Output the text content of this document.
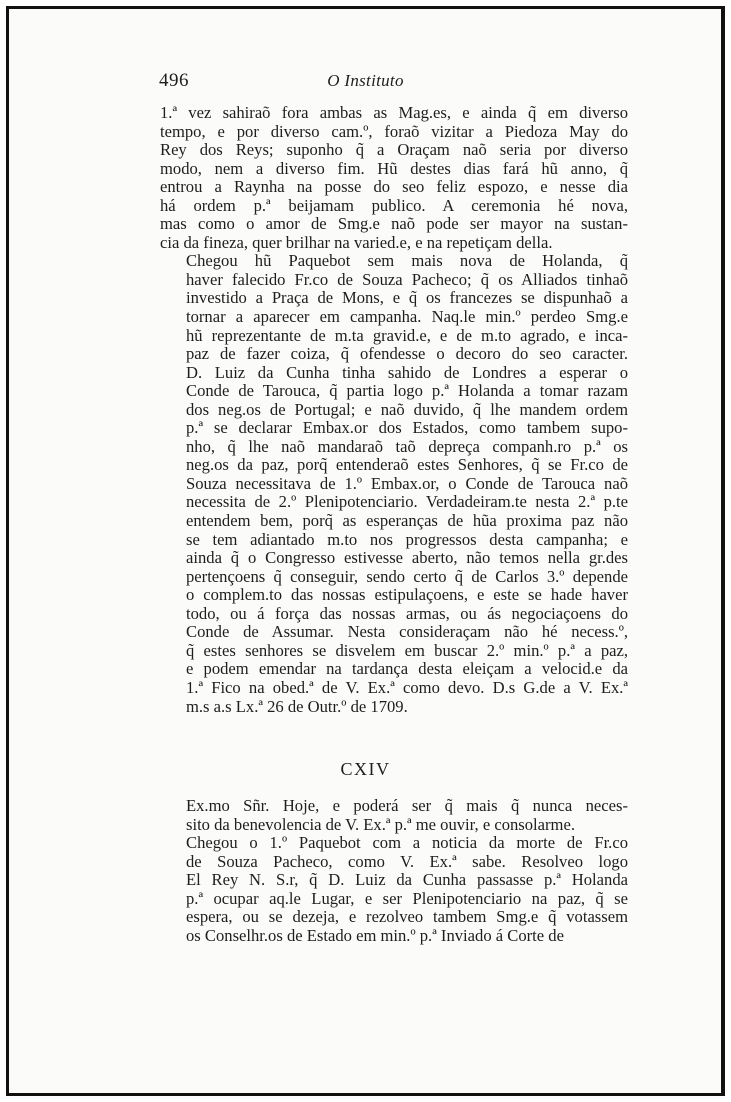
496	O Instituto

1.ª vez sahiraõ fora ambas as Mag.es, e ainda q̃ em diverso
tempo, e por diverso cam.º, foraõ vizitar a Piedoza May do
Rey dos Reys; suponho q̃ a Oraçam naõ seria por diverso
modo, nem a diverso fim. Hũ destes dias fará hũ anno, q̃
entrou a Raynha na posse do seo feliz espozo, e nesse dia
há ordem p.ª beijamam publico. A ceremonia hé nova,
mas como o amor de Smg.e naõ pode ser mayor na sustan-
cia da fineza, quer brilhar na varied.e, e na repetiçam della.

Chegou hũ Paquebot sem mais nova de Holanda, q̃
haver falecido Fr.co de Souza Pacheco; q̃ os Alliados tinhaõ
investido a Praça de Mons, e q̃ os francezes se dispunhaõ a
tornar a aparecer em campanha. Naq.le min.º perdeo Smg.e
hũ reprezentante de m.ta gravid.e, e de m.to agrado, e inca-
paz de fazer coiza, q̃ ofendesse o decoro do seo caracter.
D. Luiz da Cunha tinha sahido de Londres a esperar o
Conde de Tarouca, q̃ partia logo p.ª Holanda a tomar razam
dos neg.os de Portugal; e naõ duvido, q̃ lhe mandem ordem
p.ª se declarar Embax.or dos Estados, como tambem supo-
nho, q̃ lhe naõ mandaraõ taõ depreça companh.ro p.ª os
neg.os da paz, porq̃ entenderaõ estes Senhores, q̃ se Fr.co de
Souza necessitava de 1.º Embax.or, o Conde de Tarouca naõ
necessita de 2.º Plenipotenciario. Verdadeiram.te nesta 2.ª p.te
entendem bem, porq̃ as esperanças de hũa proxima paz não
se tem adiantado m.to nos progressos desta campanha; e
ainda q̃ o Congresso estivesse aberto, não temos nella gr.des
pertençoens q̃ conseguir, sendo certo q̃ de Carlos 3.º depende
o complem.to das nossas estipulaçoens, e este se hade haver
todo, ou á força das nossas armas, ou ás negociaçoens do
Conde de Assumar. Nesta consideraçam não hé necess.º,
q̃ estes senhores se disvelem em buscar 2.º min.º p.ª a paz,
e podem emendar na tardança desta eleiçam a velocid.e da
1.ª Fico na obed.ª de V. Ex.ª como devo. D.s G.de a V. Ex.ª
m.s a.s Lx.ª 26 de Outr.º de 1709.

CXIV

Ex.mo Sñr. Hoje, e poderá ser q̃ mais q̃ nunca neces-
sito da benevolencia de V. Ex.ª p.ª me ouvir, e consolarme.

Chegou o 1.º Paquebot com a noticia da morte de Fr.co
de Souza Pacheco, como V. Ex.ª sabe. Resolveo logo
El Rey N. S.r, q̃ D. Luiz da Cunha passasse p.ª Holanda
p.ª ocupar aq.le Lugar, e ser Plenipotenciario na paz, q̃ se
espera, ou se dezeja, e rezolveo tambem Smg.e q̃ votassem
os Conselhr.os de Estado em min.º p.ª Inviado á Corte de
